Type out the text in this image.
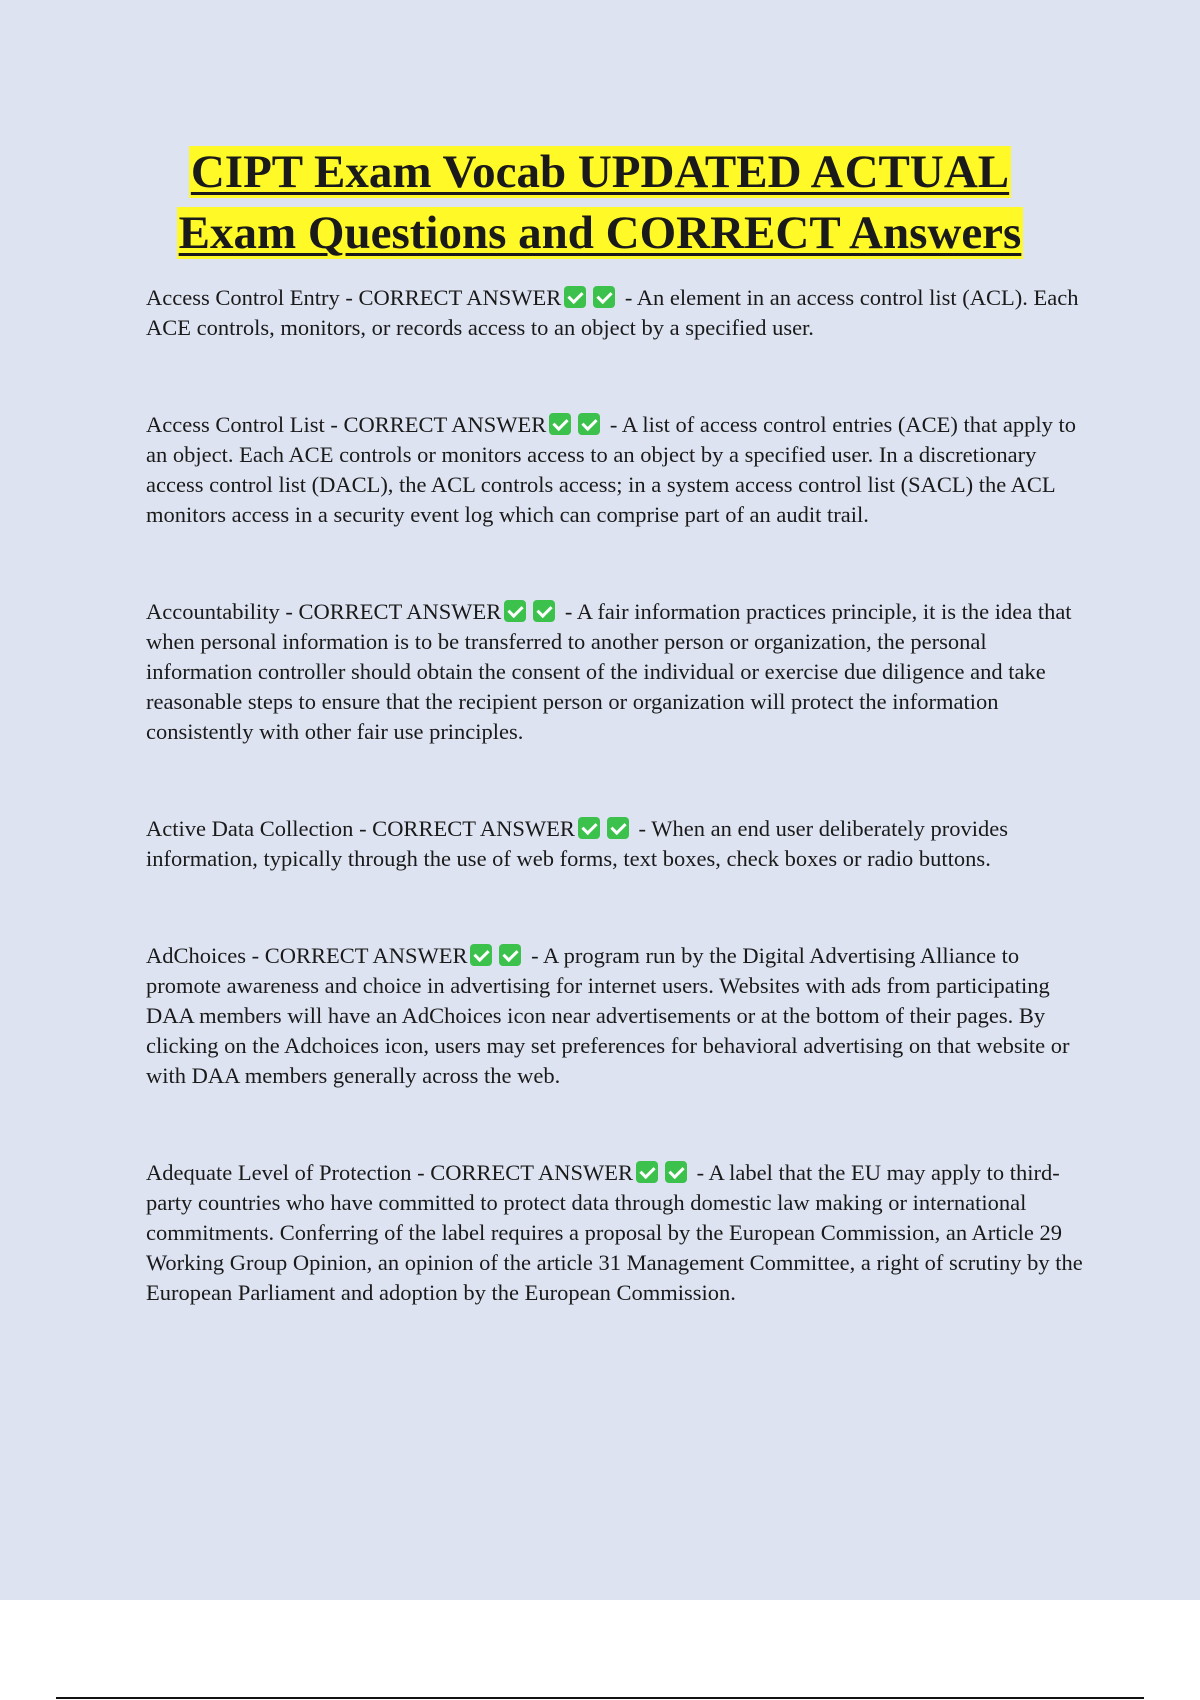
CIPT Exam Vocab UPDATED ACTUAL
Exam Questions and CORRECT Answers

Access Control Entry - CORRECT ANSWER	- An element in an access control list (ACL). Each ACE controls, monitors, or records access to an object by a specified user.

Access Control List - CORRECT ANSWER	- A list of access control entries (ACE) that apply to an object. Each ACE controls or monitors access to an object by a specified user. In a discretionary access control list (DACL), the ACL controls access; in a system access control list (SACL) the ACL monitors access in a security event log which can comprise part of an audit trail.

Accountability - CORRECT ANSWER	- A fair information practices principle, it is the idea that when personal information is to be transferred to another person or organization, the personal information controller should obtain the consent of the individual or exercise due diligence and take reasonable steps to ensure that the recipient person or organization will protect the information consistently with other fair use principles.

Active Data Collection - CORRECT ANSWER	- When an end user deliberately provides information, typically through the use of web forms, text boxes, check boxes or radio buttons.

AdChoices - CORRECT ANSWER	- A program run by the Digital Advertising Alliance to promote awareness and choice in advertising for internet users. Websites with ads from participating DAA members will have an AdChoices icon near advertisements or at the bottom of their pages. By clicking on the Adchoices icon, users may set preferences for behavioral advertising on that website or with DAA members generally across the web.

Adequate Level of Protection - CORRECT ANSWER	- A label that the EU may apply to third-party countries who have committed to protect data through domestic law making or international commitments. Conferring of the label requires a proposal by the European Commission, an Article 29 Working Group Opinion, an opinion of the article 31 Management Committee, a right of scrutiny by the European Parliament and adoption by the European Commission.
